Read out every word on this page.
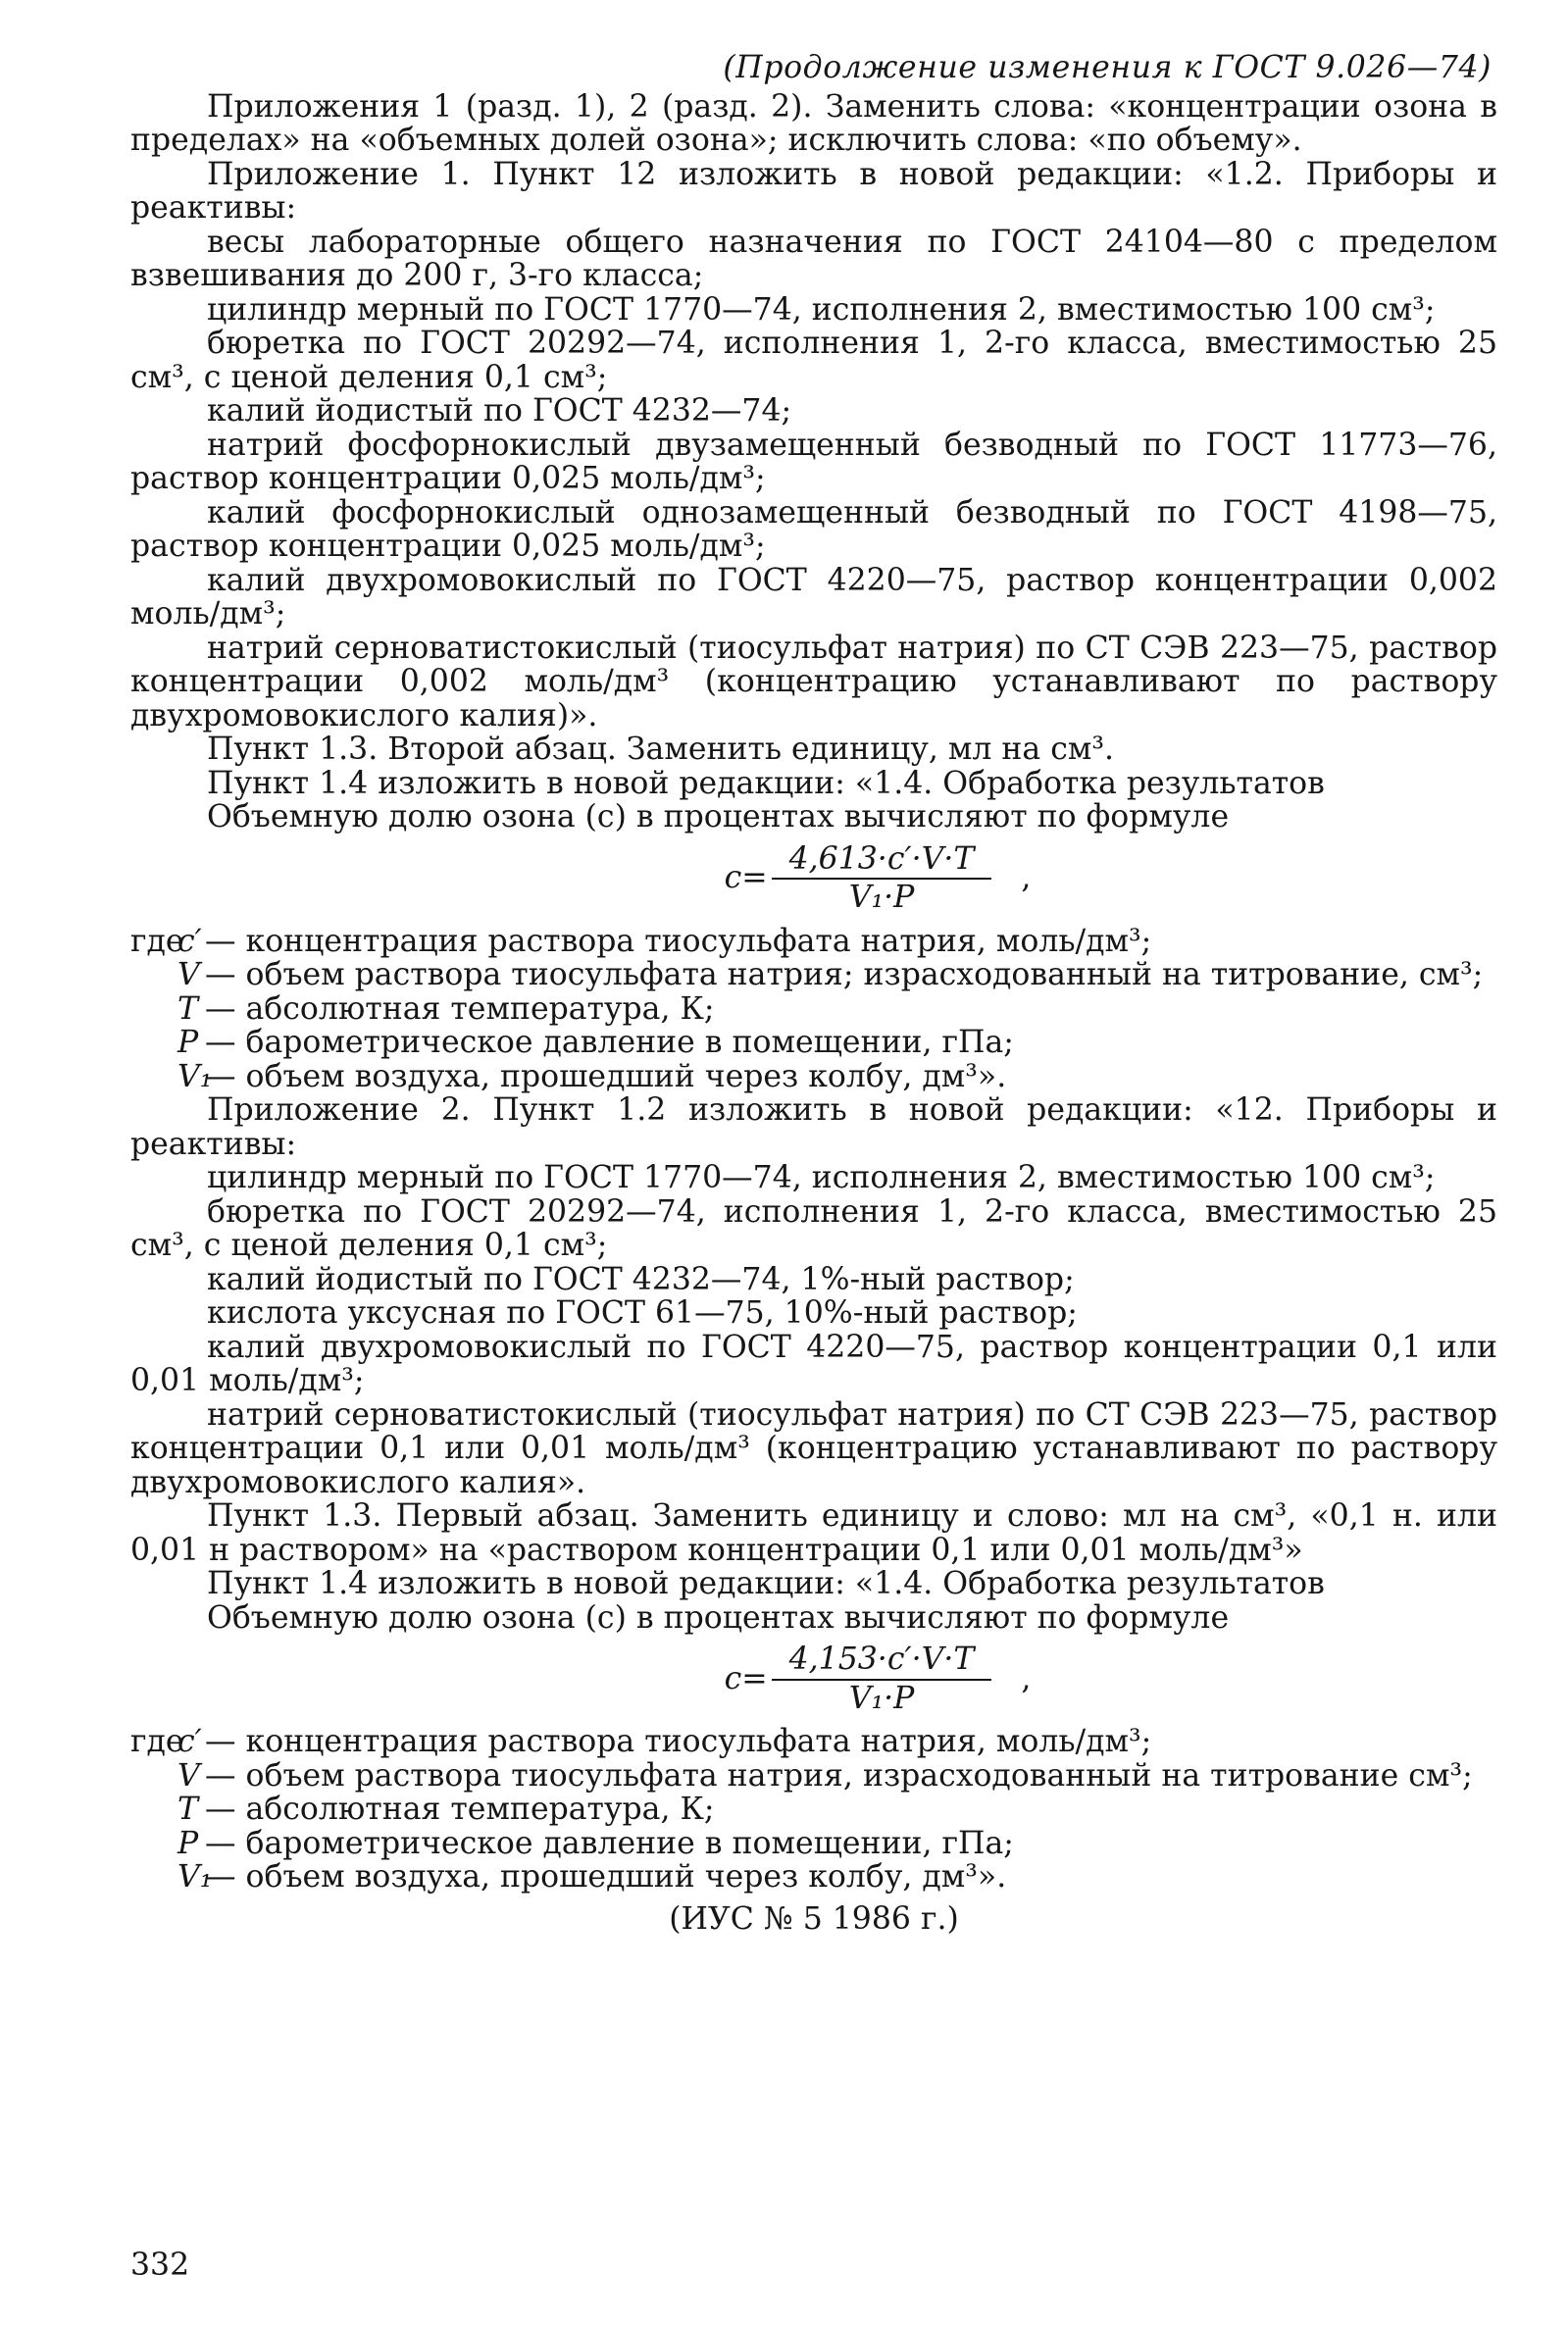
(Продолжение изменения к ГОСТ 9.026—74)

Приложения 1 (разд. 1), 2 (разд. 2). Заменить слова: «концентрации озона в пределах» на «объемных долей озона»; исключить слова: «по объему».

Приложение 1. Пункт 12 изложить в новой редакции: «1.2. Приборы и реактивы:

весы лабораторные общего назначения по ГОСТ 24104—80 с пределом взвешивания до 200 г, 3-го класса;

цилиндр мерный по ГОСТ 1770—74, исполнения 2, вместимостью 100 см³;

бюретка по ГОСТ 20292—74, исполнения 1, 2-го класса, вместимостью 25 см³, с ценой деления 0,1 см³;

калий йодистый по ГОСТ 4232—74;

натрий фосфорнокислый двузамещенный безводный по ГОСТ 11773—76, раствор концентрации 0,025 моль/дм³;

калий фосфорнокислый однозамещенный безводный по ГОСТ 4198—75, раствор концентрации 0,025 моль/дм³;

калий двухромовокислый по ГОСТ 4220—75, раствор концентрации 0,002 моль/дм³;

натрий серноватистокислый (тиосульфат натрия) по СТ СЭВ 223—75, раствор концентрации 0,002 моль/дм³ (концентрацию устанавливают по раствору двухромовокислого калия)».

Пункт 1.3. Второй абзац. Заменить единицу, мл на см³.

Пункт 1.4 изложить в новой редакции: «1.4. Обработка результатов

Объемную долю озона (c) в процентах вычисляют по формуле

$c= \frac{4,613\cdot c'\cdot V\cdot T}{\text{V₁·P}}$ ,
где
c′ — концентрация раствора тиосульфата натрия, моль/дм³;
V — объем раствора тиосульфата натрия; израсходованный на титрование, см³;
T — абсолютная температура, К;
P — барометрическое давление в помещении, гПа;
V₁
— объем воздуха, прошедший через колбу, дм³».

Приложение 2. Пункт 1.2 изложить в новой редакции: «12. Приборы и реактивы:

цилиндр мерный по ГОСТ 1770—74, исполнения 2, вместимостью 100 см³;

бюретка по ГОСТ 20292—74, исполнения 1, 2-го класса, вместимостью 25 см³, с ценой деления 0,1 см³;

калий йодистый по ГОСТ 4232—74, 1%-ный раствор;

кислота уксусная по ГОСТ 61—75, 10%-ный раствор;

калий двухромовокислый по ГОСТ 4220—75, раствор концентрации 0,1 или 0,01 моль/дм³;

натрий серноватистокислый (тиосульфат натрия) по СТ СЭВ 223—75, раствор концентрации 0,1 или 0,01 моль/дм³ (концентрацию устанавливают по раствору двухромовокислого калия».

Пункт 1.3. Первый абзац. Заменить единицу и слово: мл на см³, «0,1 н. или 0,01 н раствором» на «раствором концентрации 0,1 или 0,01 моль/дм³»

Пункт 1.4 изложить в новой редакции: «1.4. Обработка результатов

Объемную долю озона (c) в процентах вычисляют по формуле

$c= \frac{4,153\cdot c'\cdot V\cdot T}{\text{V₁·P}}$ ,
где
c′ — концентрация раствора тиосульфата натрия, моль/дм³;
V — объем раствора тиосульфата натрия, израсходованный на титрование см³;
T — абсолютная температура, К;
P — барометрическое давление в помещении, гПа;
V₁
— объем воздуха, прошедший через колбу, дм³».
(ИУС № 5 1986 г.)
332
